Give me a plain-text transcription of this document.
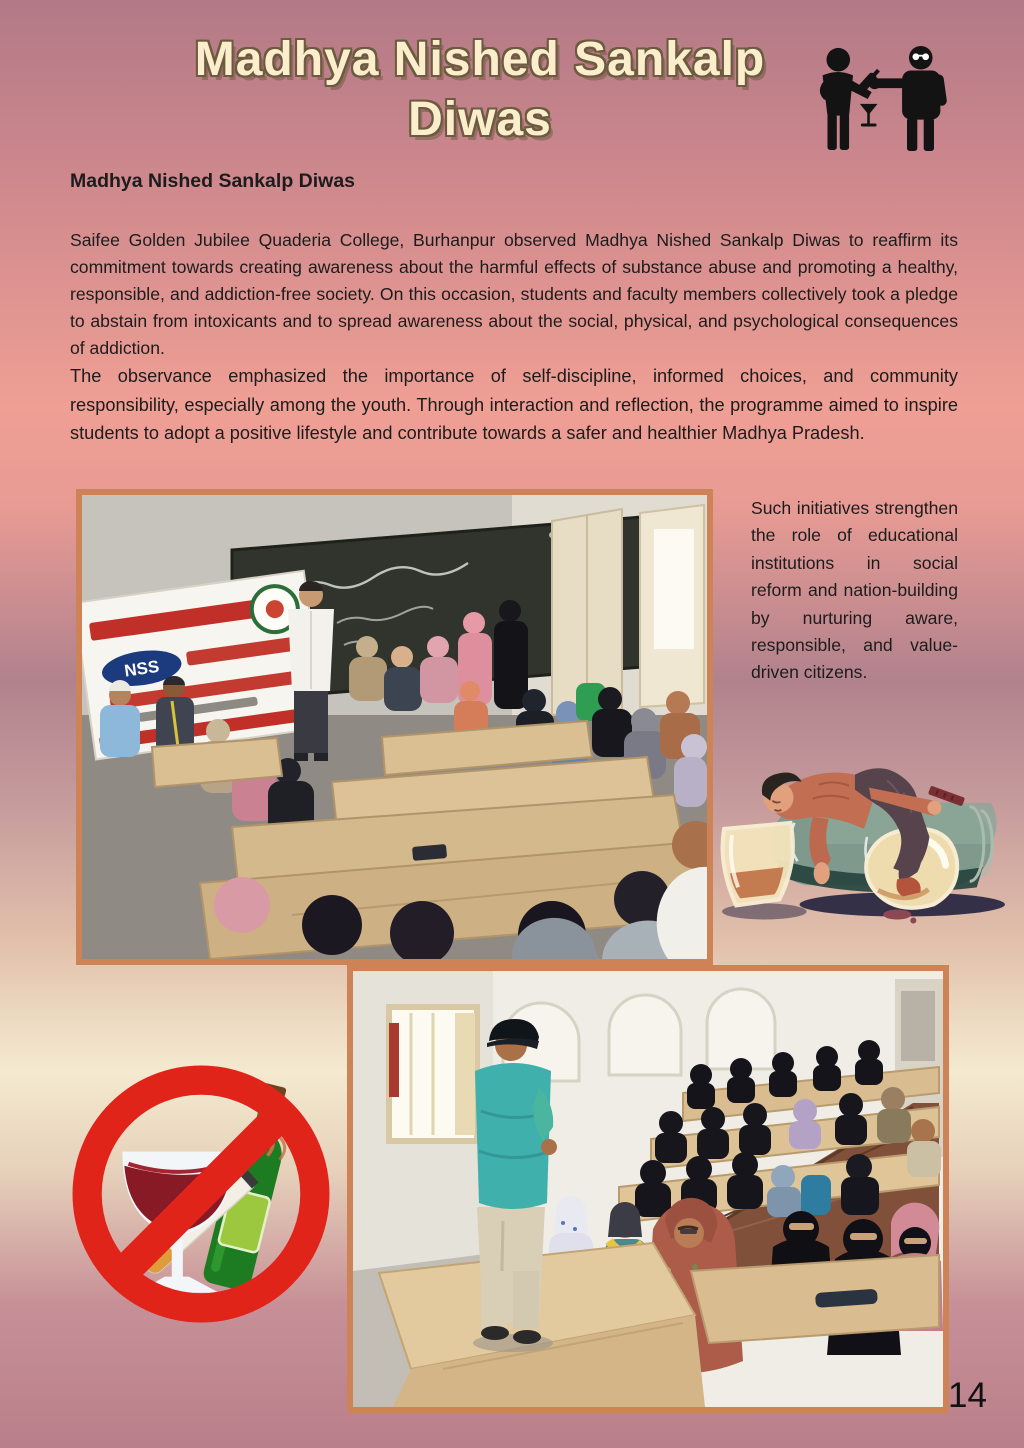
Madhya Nished Sankalp
Diwas
Madhya Nished Sankalp Diwas

Saifee Golden Jubilee Quaderia College, Burhanpur observed Madhya Nished Sankalp Diwas to reaffirm its commitment towards creating awareness about the harmful effects of substance abuse and promoting a healthy, responsible, and addiction-free society. On this occasion, students and faculty members collectively took a pledge to abstain from intoxicants and to spread awareness about the social, physical, and psychological consequences of addiction.

The observance emphasized the importance of self-discipline, informed choices, and community responsibility, especially among the youth. Through interaction and reflection, the programme aimed to inspire students to adopt a positive lifestyle and contribute towards a safer and healthier Madhya Pradesh.

NSS
Such initiatives strengthen the role of educational institutions in social reform and nation-building by nurturing aware, responsible, and value-driven citizens.
14
